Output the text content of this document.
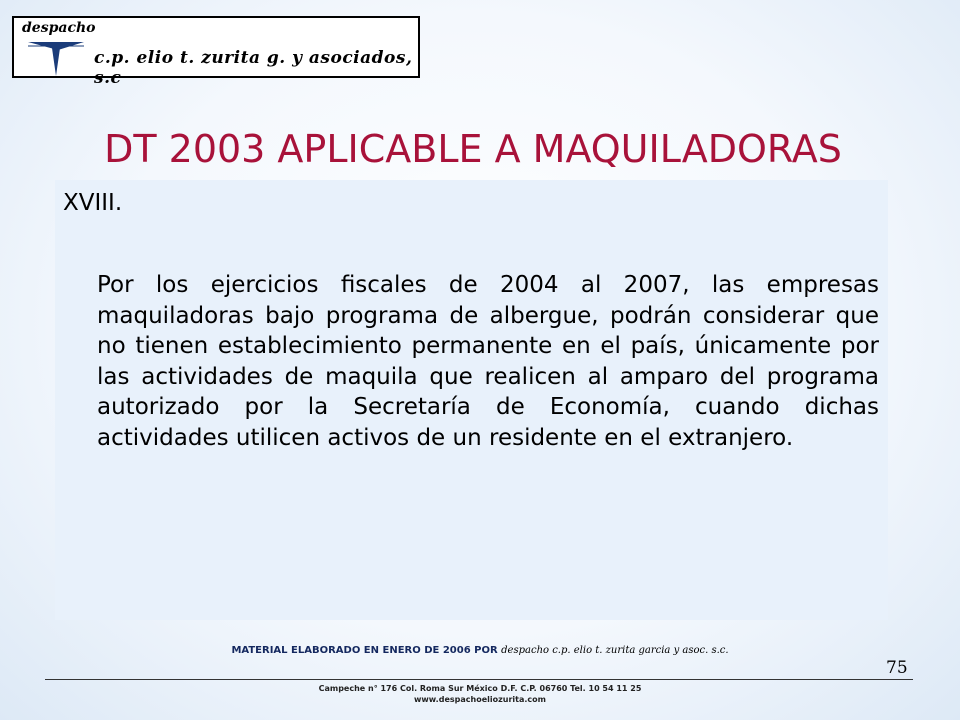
despacho
c.p. elio t. zurita g. y asociados, s.c
DT 2003 APLICABLE A MAQUILADORAS
XVIII.

Por los ejercicios fiscales de 2004 al 2007, las empresas maquiladoras bajo programa de albergue, podrán considerar que no tienen establecimiento permanente en el país, únicamente por las actividades de maquila que realicen al amparo del programa autorizado por la Secretaría de Economía, cuando dichas actividades utilicen activos de un residente en el extranjero.

MATERIAL ELABORADO EN ENERO DE 2006 POR despacho c.p. elio t. zurita garcia y asoc. s.c.
75
Campeche n° 176 Col. Roma Sur México D.F. C.P. 06760 Tel. 10 54 11 25
www.despachoeliozurita.com
